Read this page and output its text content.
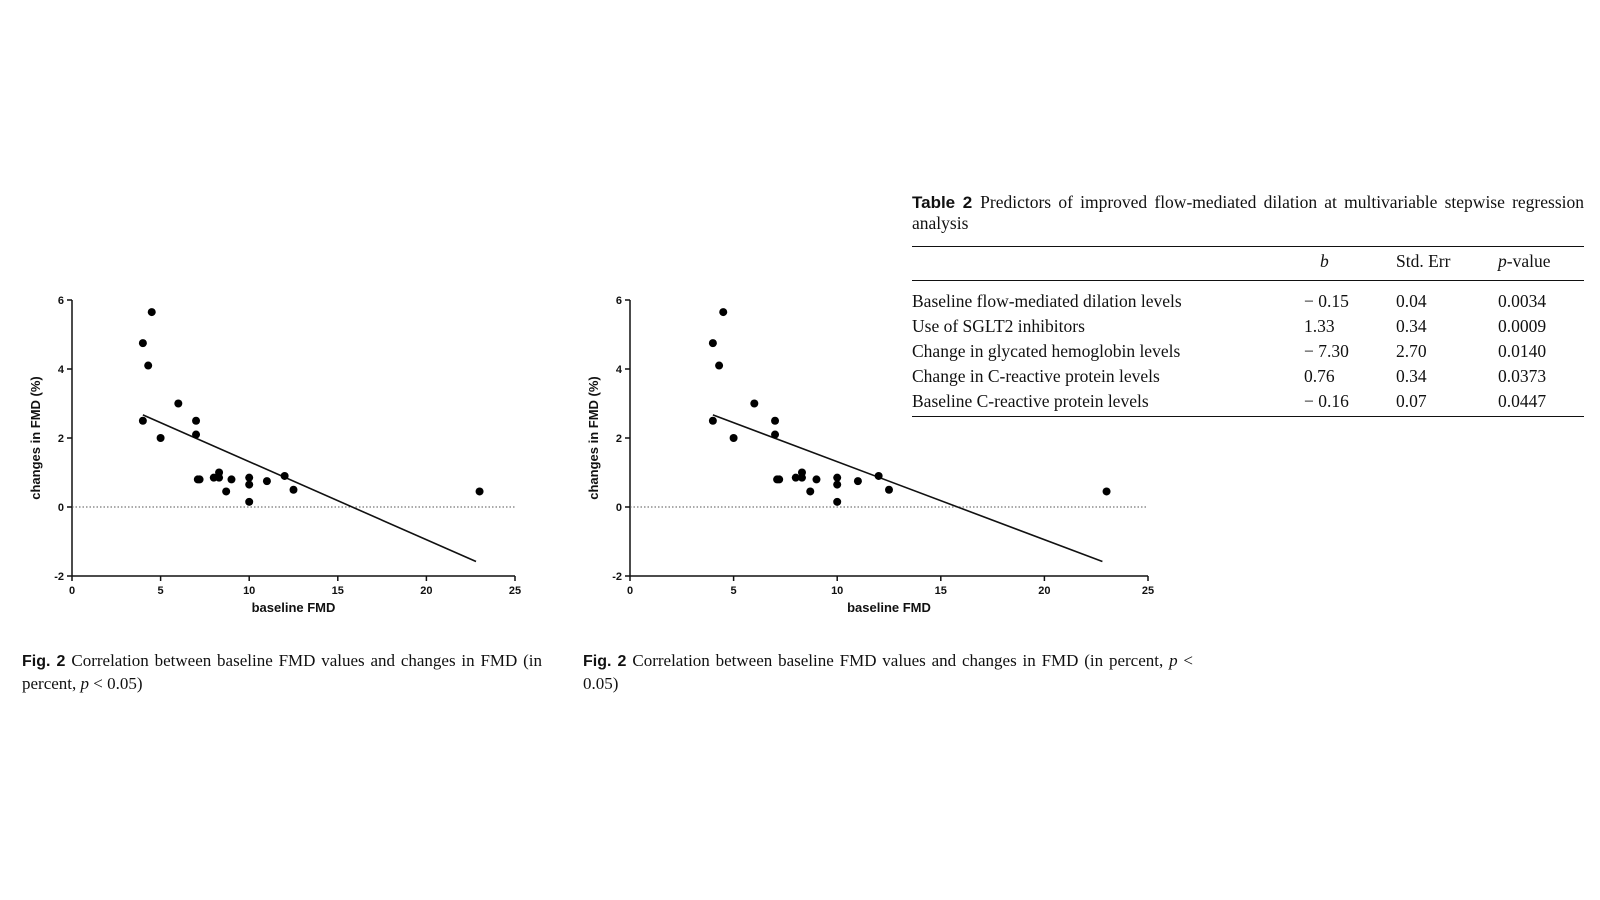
-2
0
2
4
6
0	5	10	15	20	25
baseline FMD
changes in FMD (%)
Fig. 2 Correlation between baseline FMD values and changes in FMD (in percent, p < 0.05)
-2
0
2
4
6
0	5	10	15	20	25
baseline FMD
changes in FMD (%)
Fig. 2 Correlation between baseline FMD values and changes in FMD (in percent, p < 0.05)
Table 2 Predictors of improved flow-mediated dilation at multivariable stepwise regression analysis
	b	Std. Err	p-value
Baseline flow-mediated dilation levels	− 0.15	0.04	0.0034
Use of SGLT2 inhibitors	1.33	0.34	0.0009
Change in glycated hemoglobin levels	− 7.30	2.70	0.0140
Change in C-reactive protein levels	0.76	0.34	0.0373
Baseline C-reactive protein levels	− 0.16	0.07	0.0447
